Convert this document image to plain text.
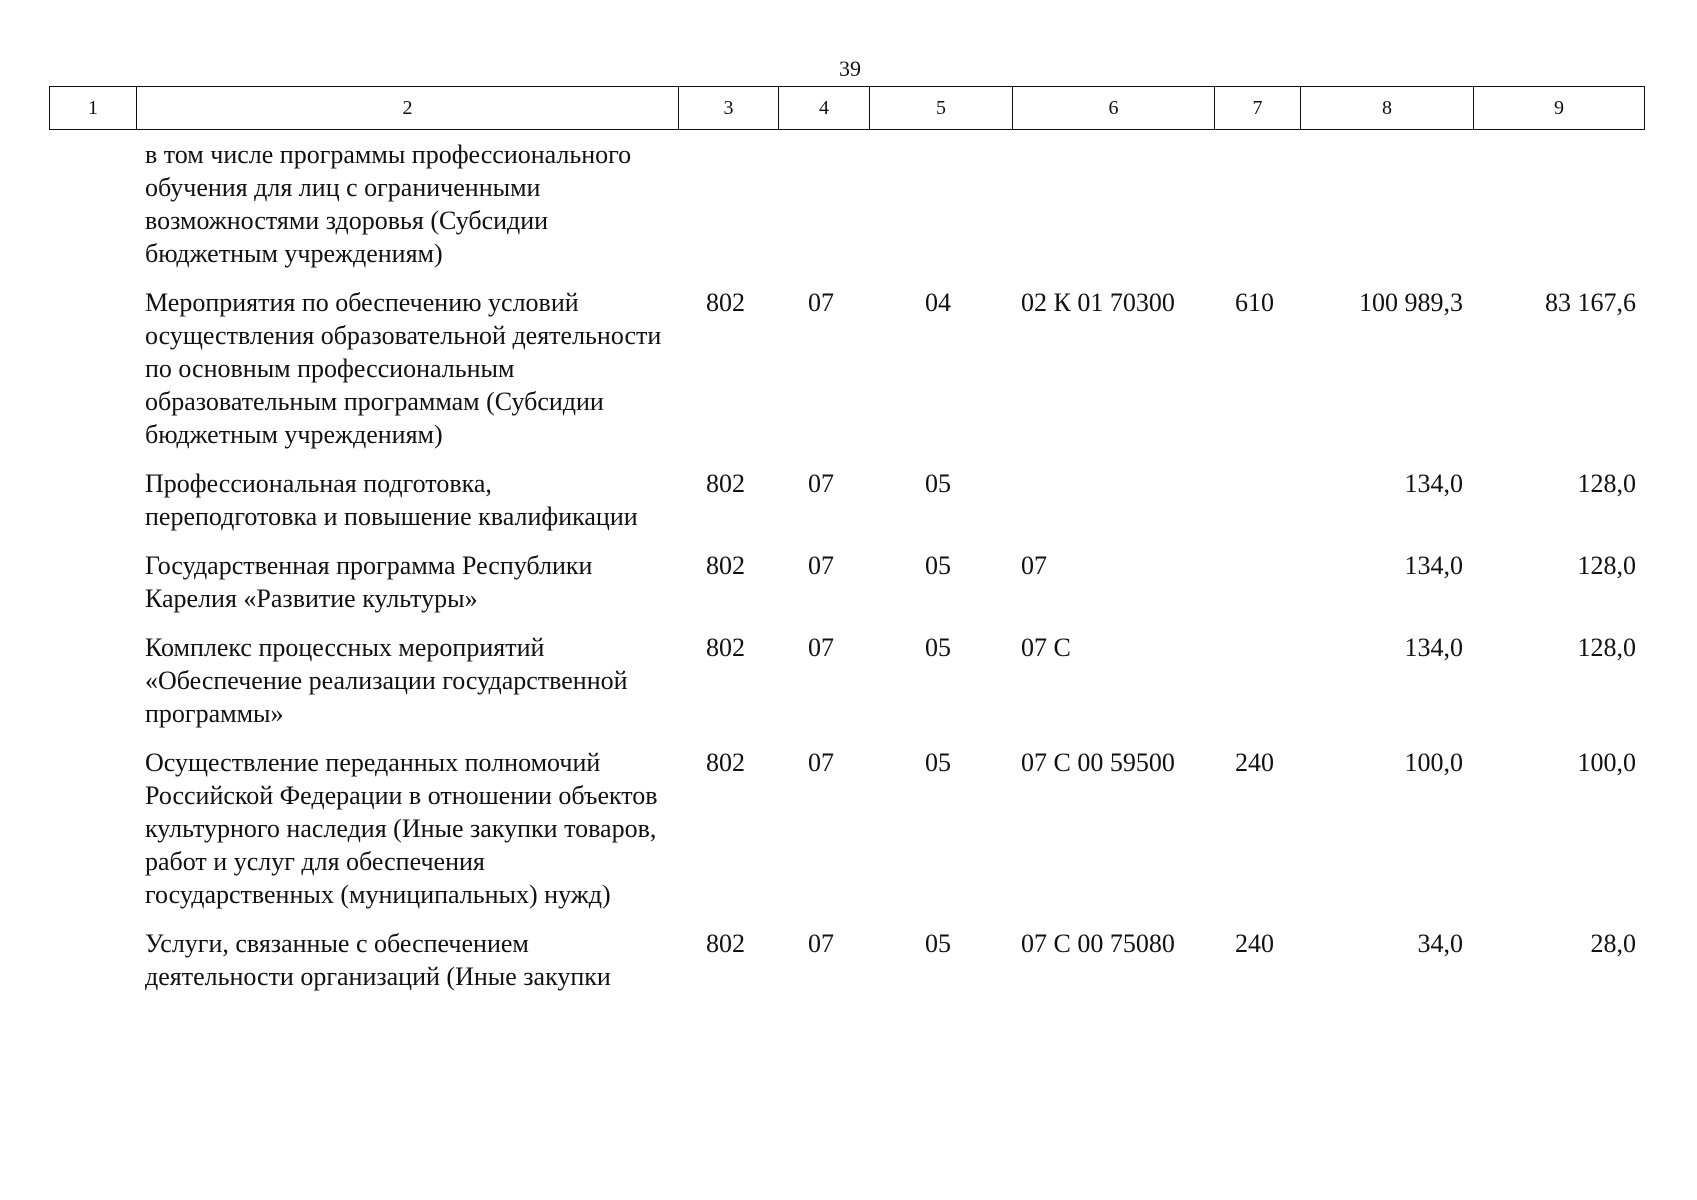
39
1	2	3	4	5	6	7	8	9
в том числе программы профессионального обучения для лиц с ограниченными возможностями здоровья (Субсидии бюджетным учреждениям)							
Мероприятия по обеспечению условий осуществления образовательной деятельности по основным профессиональным образовательным программам (Субсидии бюджетным учреждениям)	802	07	04	02 К 01 70300	610	100 989,3	83 167,6
Профессиональная подготовка, переподготовка и повышение квалификации	802	07	05			134,0	128,0
Государственная программа Республики Карелия «Развитие культуры»	802	07	05	07		134,0	128,0
Комплекс процессных мероприятий «Обеспечение реализации государственной программы»	802	07	05	07 С		134,0	128,0
Осуществление переданных полномочий Российской Федерации в отношении объектов культурного наследия (Иные закупки товаров, работ и услуг для обеспечения государственных (муниципальных) нужд)	802	07	05	07 С 00 59500	240	100,0	100,0
Услуги, связанные с обеспечением деятельности организаций (Иные закупки	802	07	05	07 С 00 75080	240	34,0	28,0
